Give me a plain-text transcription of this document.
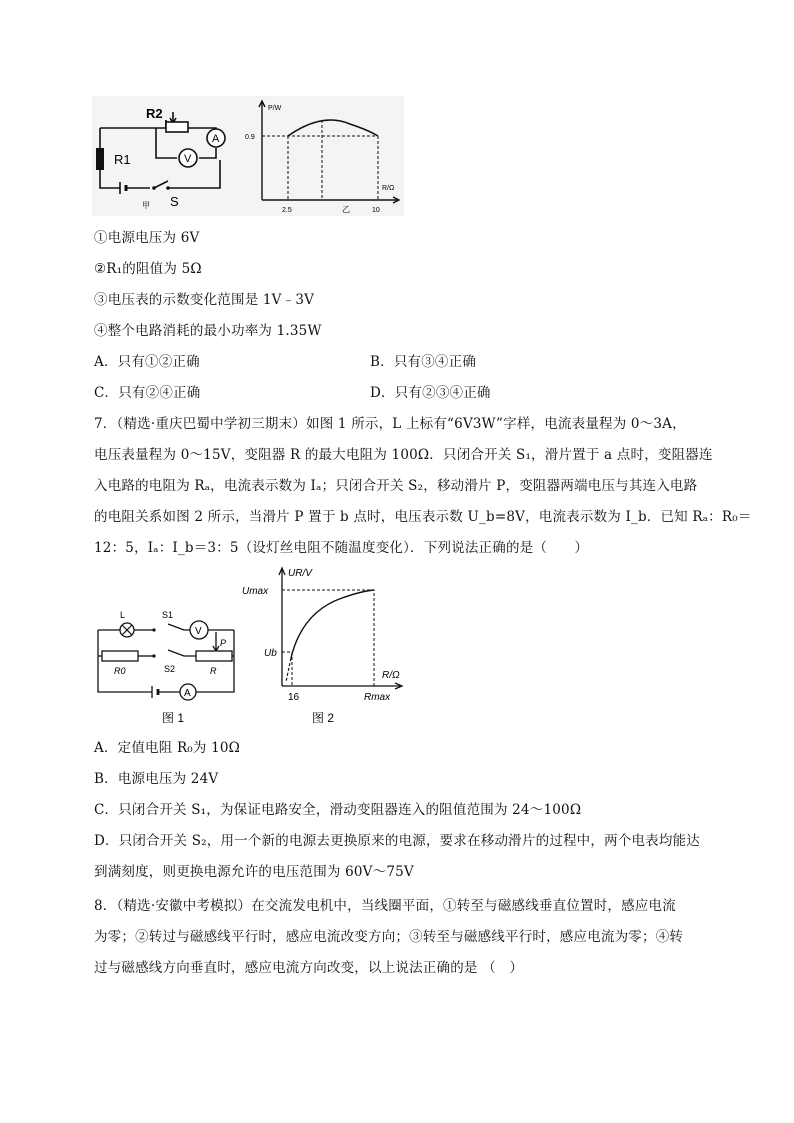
R2
R1
A
V
S
甲
P/W
R/Ω
0.9
2.5	10
乙
①电源电压为 6V
②R₁的阻值为 5Ω
③电压表的示数变化范围是 1V﹣3V
④整个电路消耗的最小功率为 1.35W
A．只有①②正确	B．只有③④正确
C．只有②④正确	D．只有②③④正确
7．（精选·重庆巴蜀中学初三期末）如图 1 所示，L 上标有“6V3W”字样，电流表量程为 0～3A，
电压表量程为 0～15V，变阻器 R 的最大电阻为 100Ω．只闭合开关 S₁，滑片置于 a 点时，变阻器连
入电路的电阻为 Rₐ，电流表示数为 Iₐ；只闭合开关 S₂，移动滑片 P，变阻器两端电压与其连入电路
的电阻关系如图 2 所示，当滑片 P 置于 b 点时，电压表示数 U_b=8V，电流表示数为 I_b．已知 Rₐ：R₀＝
12：5，Iₐ：I_b＝3：5（设灯丝电阻不随温度变化）．下列说法正确的是（　　）
L	S1
S2
R0	R
P
V
A
图 1
UR/V
Umax
Ub
R/Ω
16	Rmax
图 2
A．定值电阻 R₀为 10Ω
B．电源电压为 24V
C．只闭合开关 S₁，为保证电路安全，滑动变阻器连入的阻值范围为 24～100Ω
D．只闭合开关 S₂，用一个新的电源去更换原来的电源，要求在移动滑片的过程中，两个电表均能达
到满刻度，则更换电源允许的电压范围为 60V～75V
8．（精选·安徽中考模拟）在交流发电机中，当线圈平面，①转至与磁感线垂直位置时，感应电流
为零；②转过与磁感线平行时，感应电流改变方向；③转至与磁感线平行时，感应电流为零；④转
过与磁感线方向垂直时，感应电流方向改变，以上说法正确的是 （　）
